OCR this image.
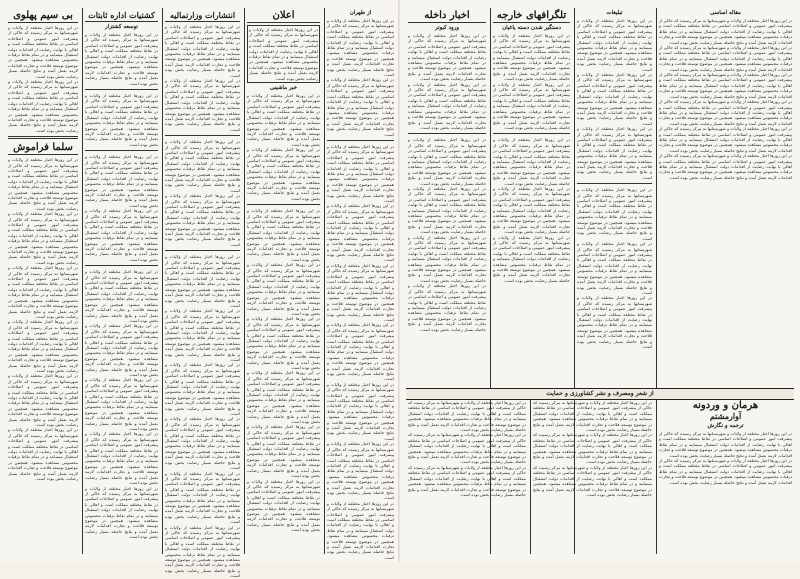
بی سیم پهلوی

در این روزها اخبار مختلفه از ولایات و شهرستانها به مرکز رسیده که حاکی از پیشرفت امور عمومی و اصلاحات اساسی در نقاط مختلفه مملکت است و اهالی با نهایت رضایت از اقدامات دولت استقبال مینمایند و در تمام نقاط ترقیات محسوس مشاهده میشود. همچنین در موضوع توسعه فلاحت و تجارت اقدامات لازمه بعمل آمده و نتایج حاصله بسیار رضایت بخش بوده است.

در این روزها اخبار مختلفه از ولایات و شهرستانها به مرکز رسیده که حاکی از پیشرفت امور عمومی و اصلاحات اساسی در نقاط مختلفه مملکت است و اهالی با نهایت رضایت از اقدامات دولت استقبال مینمایند و در تمام نقاط ترقیات محسوس مشاهده میشود. همچنین در موضوع توسعه فلاحت و تجارت اقدامات لازمه بعمل آمده و نتایج حاصله بسیار رضایت بخش بوده است.

سلما فراموش

در این روزها اخبار مختلفه از ولایات و شهرستانها به مرکز رسیده که حاکی از پیشرفت امور عمومی و اصلاحات اساسی در نقاط مختلفه مملکت است و اهالی با نهایت رضایت از اقدامات دولت استقبال مینمایند و در تمام نقاط ترقیات محسوس مشاهده میشود. همچنین در موضوع توسعه فلاحت و تجارت اقدامات لازمه بعمل آمده و نتایج حاصله بسیار رضایت بخش بوده است.

در این روزها اخبار مختلفه از ولایات و شهرستانها به مرکز رسیده که حاکی از پیشرفت امور عمومی و اصلاحات اساسی در نقاط مختلفه مملکت است و اهالی با نهایت رضایت از اقدامات دولت استقبال مینمایند و در تمام نقاط ترقیات محسوس مشاهده میشود. همچنین در موضوع توسعه فلاحت و تجارت اقدامات لازمه بعمل آمده و نتایج حاصله بسیار رضایت بخش بوده است.

در این روزها اخبار مختلفه از ولایات و شهرستانها به مرکز رسیده که حاکی از پیشرفت امور عمومی و اصلاحات اساسی در نقاط مختلفه مملکت است و اهالی با نهایت رضایت از اقدامات دولت استقبال مینمایند و در تمام نقاط ترقیات محسوس مشاهده میشود. همچنین در موضوع توسعه فلاحت و تجارت اقدامات لازمه بعمل آمده و نتایج حاصله بسیار رضایت بخش بوده است.

در این روزها اخبار مختلفه از ولایات و شهرستانها به مرکز رسیده که حاکی از پیشرفت امور عمومی و اصلاحات اساسی در نقاط مختلفه مملکت است و اهالی با نهایت رضایت از اقدامات دولت استقبال مینمایند و در تمام نقاط ترقیات محسوس مشاهده میشود. همچنین در موضوع توسعه فلاحت و تجارت اقدامات لازمه بعمل آمده و نتایج حاصله بسیار رضایت بخش بوده است.

در این روزها اخبار مختلفه از ولایات و شهرستانها به مرکز رسیده که حاکی از پیشرفت امور عمومی و اصلاحات اساسی در نقاط مختلفه مملکت است و اهالی با نهایت رضایت از اقدامات دولت استقبال مینمایند و در تمام نقاط ترقیات محسوس مشاهده میشود. همچنین در موضوع توسعه فلاحت و تجارت اقدامات لازمه بعمل آمده و نتایج حاصله بسیار رضایت بخش بوده است.

در این روزها اخبار مختلفه از ولایات و شهرستانها به مرکز رسیده که حاکی از پیشرفت امور عمومی و اصلاحات اساسی در نقاط مختلفه مملکت است و اهالی با نهایت رضایت از اقدامات دولت استقبال مینمایند و در تمام نقاط ترقیات محسوس مشاهده میشود. همچنین در موضوع توسعه فلاحت و تجارت اقدامات لازمه بعمل آمده و نتایج حاصله بسیار رضایت بخش بوده است.

کشتیات اداره ثابتات
توسعه کشتزار

در این روزها اخبار مختلفه از ولایات و شهرستانها به مرکز رسیده که حاکی از پیشرفت امور عمومی و اصلاحات اساسی در نقاط مختلفه مملکت است و اهالی با نهایت رضایت از اقدامات دولت استقبال مینمایند و در تمام نقاط ترقیات محسوس مشاهده میشود. همچنین در موضوع توسعه فلاحت و تجارت اقدامات لازمه بعمل آمده و نتایج حاصله بسیار رضایت بخش بوده است.

در این روزها اخبار مختلفه از ولایات و شهرستانها به مرکز رسیده که حاکی از پیشرفت امور عمومی و اصلاحات اساسی در نقاط مختلفه مملکت است و اهالی با نهایت رضایت از اقدامات دولت استقبال مینمایند و در تمام نقاط ترقیات محسوس مشاهده میشود. همچنین در موضوع توسعه فلاحت و تجارت اقدامات لازمه بعمل آمده و نتایج حاصله بسیار رضایت بخش بوده است.

در این روزها اخبار مختلفه از ولایات و شهرستانها به مرکز رسیده که حاکی از پیشرفت امور عمومی و اصلاحات اساسی در نقاط مختلفه مملکت است و اهالی با نهایت رضایت از اقدامات دولت استقبال مینمایند و در تمام نقاط ترقیات محسوس مشاهده میشود. همچنین در موضوع توسعه فلاحت و تجارت اقدامات لازمه بعمل آمده و نتایج حاصله بسیار رضایت بخش بوده است.

در این روزها اخبار مختلفه از ولایات و شهرستانها به مرکز رسیده که حاکی از پیشرفت امور عمومی و اصلاحات اساسی در نقاط مختلفه مملکت است و اهالی با نهایت رضایت از اقدامات دولت استقبال مینمایند و در تمام نقاط ترقیات محسوس مشاهده میشود. همچنین در موضوع توسعه فلاحت و تجارت اقدامات لازمه بعمل آمده و نتایج حاصله بسیار رضایت بخش بوده است.

در این روزها اخبار مختلفه از ولایات و شهرستانها به مرکز رسیده که حاکی از پیشرفت امور عمومی و اصلاحات اساسی در نقاط مختلفه مملکت است و اهالی با نهایت رضایت از اقدامات دولت استقبال مینمایند و در تمام نقاط ترقیات محسوس مشاهده میشود. همچنین در موضوع توسعه فلاحت و تجارت اقدامات لازمه بعمل آمده و نتایج حاصله بسیار رضایت بخش بوده است.

در این روزها اخبار مختلفه از ولایات و شهرستانها به مرکز رسیده که حاکی از پیشرفت امور عمومی و اصلاحات اساسی در نقاط مختلفه مملکت است و اهالی با نهایت رضایت از اقدامات دولت استقبال مینمایند و در تمام نقاط ترقیات محسوس مشاهده میشود. همچنین در موضوع توسعه فلاحت و تجارت اقدامات لازمه بعمل آمده و نتایج حاصله بسیار رضایت بخش بوده است.

در این روزها اخبار مختلفه از ولایات و شهرستانها به مرکز رسیده که حاکی از پیشرفت امور عمومی و اصلاحات اساسی در نقاط مختلفه مملکت است و اهالی با نهایت رضایت از اقدامات دولت استقبال مینمایند و در تمام نقاط ترقیات محسوس مشاهده میشود. همچنین در موضوع توسعه فلاحت و تجارت اقدامات لازمه بعمل آمده و نتایج حاصله بسیار رضایت بخش بوده است.

در این روزها اخبار مختلفه از ولایات و شهرستانها به مرکز رسیده که حاکی از پیشرفت امور عمومی و اصلاحات اساسی در نقاط مختلفه مملکت است و اهالی با نهایت رضایت از اقدامات دولت استقبال مینمایند و در تمام نقاط ترقیات محسوس مشاهده میشود. همچنین در موضوع توسعه فلاحت و تجارت اقدامات لازمه بعمل آمده و نتایج حاصله بسیار رضایت بخش بوده است.

در این روزها اخبار مختلفه از ولایات و شهرستانها به مرکز رسیده که حاکی از پیشرفت امور عمومی و اصلاحات اساسی در نقاط مختلفه مملکت است و اهالی با نهایت رضایت از اقدامات دولت استقبال مینمایند و در تمام نقاط ترقیات محسوس مشاهده میشود. همچنین در موضوع توسعه فلاحت و تجارت اقدامات لازمه بعمل آمده و نتایج حاصله بسیار رضایت بخش بوده است.

انتشارات وزارتمالیه

در این روزها اخبار مختلفه از ولایات و شهرستانها به مرکز رسیده که حاکی از پیشرفت امور عمومی و اصلاحات اساسی در نقاط مختلفه مملکت است و اهالی با نهایت رضایت از اقدامات دولت استقبال مینمایند و در تمام نقاط ترقیات محسوس مشاهده میشود. همچنین در موضوع توسعه فلاحت و تجارت اقدامات لازمه بعمل آمده و نتایج حاصله بسیار رضایت بخش بوده است.

در این روزها اخبار مختلفه از ولایات و شهرستانها به مرکز رسیده که حاکی از پیشرفت امور عمومی و اصلاحات اساسی در نقاط مختلفه مملکت است و اهالی با نهایت رضایت از اقدامات دولت استقبال مینمایند و در تمام نقاط ترقیات محسوس مشاهده میشود. همچنین در موضوع توسعه فلاحت و تجارت اقدامات لازمه بعمل آمده و نتایج حاصله بسیار رضایت بخش بوده است.

در این روزها اخبار مختلفه از ولایات و شهرستانها به مرکز رسیده که حاکی از پیشرفت امور عمومی و اصلاحات اساسی در نقاط مختلفه مملکت است و اهالی با نهایت رضایت از اقدامات دولت استقبال مینمایند و در تمام نقاط ترقیات محسوس مشاهده میشود. همچنین در موضوع توسعه فلاحت و تجارت اقدامات لازمه بعمل آمده و نتایج حاصله بسیار رضایت بخش بوده است.

در این روزها اخبار مختلفه از ولایات و شهرستانها به مرکز رسیده که حاکی از پیشرفت امور عمومی و اصلاحات اساسی در نقاط مختلفه مملکت است و اهالی با نهایت رضایت از اقدامات دولت استقبال مینمایند و در تمام نقاط ترقیات محسوس مشاهده میشود. همچنین در موضوع توسعه فلاحت و تجارت اقدامات لازمه بعمل آمده و نتایج حاصله بسیار رضایت بخش بوده است.

در این روزها اخبار مختلفه از ولایات و شهرستانها به مرکز رسیده که حاکی از پیشرفت امور عمومی و اصلاحات اساسی در نقاط مختلفه مملکت است و اهالی با نهایت رضایت از اقدامات دولت استقبال مینمایند و در تمام نقاط ترقیات محسوس مشاهده میشود. همچنین در موضوع توسعه فلاحت و تجارت اقدامات لازمه بعمل آمده و نتایج حاصله بسیار رضایت بخش بوده است.

در این روزها اخبار مختلفه از ولایات و شهرستانها به مرکز رسیده که حاکی از پیشرفت امور عمومی و اصلاحات اساسی در نقاط مختلفه مملکت است و اهالی با نهایت رضایت از اقدامات دولت استقبال مینمایند و در تمام نقاط ترقیات محسوس مشاهده میشود. همچنین در موضوع توسعه فلاحت و تجارت اقدامات لازمه بعمل آمده و نتایج حاصله بسیار رضایت بخش بوده است.

در این روزها اخبار مختلفه از ولایات و شهرستانها به مرکز رسیده که حاکی از پیشرفت امور عمومی و اصلاحات اساسی در نقاط مختلفه مملکت است و اهالی با نهایت رضایت از اقدامات دولت استقبال مینمایند و در تمام نقاط ترقیات محسوس مشاهده میشود. همچنین در موضوع توسعه فلاحت و تجارت اقدامات لازمه بعمل آمده و نتایج حاصله بسیار رضایت بخش بوده است.

در این روزها اخبار مختلفه از ولایات و شهرستانها به مرکز رسیده که حاکی از پیشرفت امور عمومی و اصلاحات اساسی در نقاط مختلفه مملکت است و اهالی با نهایت رضایت از اقدامات دولت استقبال مینمایند و در تمام نقاط ترقیات محسوس مشاهده میشود. همچنین در موضوع توسعه فلاحت و تجارت اقدامات لازمه بعمل آمده و نتایج حاصله بسیار رضایت بخش بوده است.

در این روزها اخبار مختلفه از ولایات و شهرستانها به مرکز رسیده که حاکی از پیشرفت امور عمومی و اصلاحات اساسی در نقاط مختلفه مملکت است و اهالی با نهایت رضایت از اقدامات دولت استقبال مینمایند و در تمام نقاط ترقیات محسوس مشاهده میشود. همچنین در موضوع توسعه فلاحت و تجارت اقدامات لازمه بعمل آمده و نتایج حاصله بسیار رضایت بخش بوده است.

در این روزها اخبار مختلفه از ولایات و شهرستانها به مرکز رسیده که حاکی از پیشرفت امور عمومی و اصلاحات اساسی در نقاط مختلفه مملکت است و اهالی با نهایت رضایت از اقدامات دولت استقبال مینمایند و در تمام نقاط ترقیات محسوس مشاهده میشود. همچنین در موضوع توسعه فلاحت و تجارت اقدامات لازمه بعمل آمده و نتایج حاصله بسیار رضایت بخش بوده است.

اعلان

در این روزها اخبار مختلفه از ولایات و شهرستانها به مرکز رسیده که حاکی از پیشرفت امور عمومی و اصلاحات اساسی در نقاط مختلفه مملکت است و اهالی با نهایت رضایت از اقدامات دولت استقبال مینمایند و در تمام نقاط ترقیات محسوس مشاهده میشود. همچنین در موضوع توسعه فلاحت و تجارت اقدامات لازمه بعمل آمده و نتایج حاصله بسیار رضایت بخش بوده است.

خبر ماشینی

در این روزها اخبار مختلفه از ولایات و شهرستانها به مرکز رسیده که حاکی از پیشرفت امور عمومی و اصلاحات اساسی در نقاط مختلفه مملکت است و اهالی با نهایت رضایت از اقدامات دولت استقبال مینمایند و در تمام نقاط ترقیات محسوس مشاهده میشود. همچنین در موضوع توسعه فلاحت و تجارت اقدامات لازمه بعمل آمده و نتایج حاصله بسیار رضایت بخش بوده است.

در این روزها اخبار مختلفه از ولایات و شهرستانها به مرکز رسیده که حاکی از پیشرفت امور عمومی و اصلاحات اساسی در نقاط مختلفه مملکت است و اهالی با نهایت رضایت از اقدامات دولت استقبال مینمایند و در تمام نقاط ترقیات محسوس مشاهده میشود. همچنین در موضوع توسعه فلاحت و تجارت اقدامات لازمه بعمل آمده و نتایج حاصله بسیار رضایت بخش بوده است.

در این روزها اخبار مختلفه از ولایات و شهرستانها به مرکز رسیده که حاکی از پیشرفت امور عمومی و اصلاحات اساسی در نقاط مختلفه مملکت است و اهالی با نهایت رضایت از اقدامات دولت استقبال مینمایند و در تمام نقاط ترقیات محسوس مشاهده میشود. همچنین در موضوع توسعه فلاحت و تجارت اقدامات لازمه بعمل آمده و نتایج حاصله بسیار رضایت بخش بوده است.

در این روزها اخبار مختلفه از ولایات و شهرستانها به مرکز رسیده که حاکی از پیشرفت امور عمومی و اصلاحات اساسی در نقاط مختلفه مملکت است و اهالی با نهایت رضایت از اقدامات دولت استقبال مینمایند و در تمام نقاط ترقیات محسوس مشاهده میشود. همچنین در موضوع توسعه فلاحت و تجارت اقدامات لازمه بعمل آمده و نتایج حاصله بسیار رضایت بخش بوده است.

در این روزها اخبار مختلفه از ولایات و شهرستانها به مرکز رسیده که حاکی از پیشرفت امور عمومی و اصلاحات اساسی در نقاط مختلفه مملکت است و اهالی با نهایت رضایت از اقدامات دولت استقبال مینمایند و در تمام نقاط ترقیات محسوس مشاهده میشود. همچنین در موضوع توسعه فلاحت و تجارت اقدامات لازمه بعمل آمده و نتایج حاصله بسیار رضایت بخش بوده است.

در این روزها اخبار مختلفه از ولایات و شهرستانها به مرکز رسیده که حاکی از پیشرفت امور عمومی و اصلاحات اساسی در نقاط مختلفه مملکت است و اهالی با نهایت رضایت از اقدامات دولت استقبال مینمایند و در تمام نقاط ترقیات محسوس مشاهده میشود. همچنین در موضوع توسعه فلاحت و تجارت اقدامات لازمه بعمل آمده و نتایج حاصله بسیار رضایت بخش بوده است.

در این روزها اخبار مختلفه از ولایات و شهرستانها به مرکز رسیده که حاکی از پیشرفت امور عمومی و اصلاحات اساسی در نقاط مختلفه مملکت است و اهالی با نهایت رضایت از اقدامات دولت استقبال مینمایند و در تمام نقاط ترقیات محسوس مشاهده میشود. همچنین در موضوع توسعه فلاحت و تجارت اقدامات لازمه بعمل آمده و نتایج حاصله بسیار رضایت بخش بوده است.

در این روزها اخبار مختلفه از ولایات و شهرستانها به مرکز رسیده که حاکی از پیشرفت امور عمومی و اصلاحات اساسی در نقاط مختلفه مملکت است و اهالی با نهایت رضایت از اقدامات دولت استقبال مینمایند و در تمام نقاط ترقیات محسوس مشاهده میشود. همچنین در موضوع توسعه فلاحت و تجارت اقدامات لازمه بعمل آمده و نتایج حاصله بسیار رضایت بخش بوده است.

از طهران

در این روزها اخبار مختلفه از ولایات و شهرستانها به مرکز رسیده که حاکی از پیشرفت امور عمومی و اصلاحات اساسی در نقاط مختلفه مملکت است و اهالی با نهایت رضایت از اقدامات دولت استقبال مینمایند و در تمام نقاط ترقیات محسوس مشاهده میشود. همچنین در موضوع توسعه فلاحت و تجارت اقدامات لازمه بعمل آمده و نتایج حاصله بسیار رضایت بخش بوده است.

در این روزها اخبار مختلفه از ولایات و شهرستانها به مرکز رسیده که حاکی از پیشرفت امور عمومی و اصلاحات اساسی در نقاط مختلفه مملکت است و اهالی با نهایت رضایت از اقدامات دولت استقبال مینمایند و در تمام نقاط ترقیات محسوس مشاهده میشود. همچنین در موضوع توسعه فلاحت و تجارت اقدامات لازمه بعمل آمده و نتایج حاصله بسیار رضایت بخش بوده است.

در این روزها اخبار مختلفه از ولایات و شهرستانها به مرکز رسیده که حاکی از پیشرفت امور عمومی و اصلاحات اساسی در نقاط مختلفه مملکت است و اهالی با نهایت رضایت از اقدامات دولت استقبال مینمایند و در تمام نقاط ترقیات محسوس مشاهده میشود. همچنین در موضوع توسعه فلاحت و تجارت اقدامات لازمه بعمل آمده و نتایج حاصله بسیار رضایت بخش بوده است.

در این روزها اخبار مختلفه از ولایات و شهرستانها به مرکز رسیده که حاکی از پیشرفت امور عمومی و اصلاحات اساسی در نقاط مختلفه مملکت است و اهالی با نهایت رضایت از اقدامات دولت استقبال مینمایند و در تمام نقاط ترقیات محسوس مشاهده میشود. همچنین در موضوع توسعه فلاحت و تجارت اقدامات لازمه بعمل آمده و نتایج حاصله بسیار رضایت بخش بوده است.

در این روزها اخبار مختلفه از ولایات و شهرستانها به مرکز رسیده که حاکی از پیشرفت امور عمومی و اصلاحات اساسی در نقاط مختلفه مملکت است و اهالی با نهایت رضایت از اقدامات دولت استقبال مینمایند و در تمام نقاط ترقیات محسوس مشاهده میشود. همچنین در موضوع توسعه فلاحت و تجارت اقدامات لازمه بعمل آمده و نتایج حاصله بسیار رضایت بخش بوده است.

در این روزها اخبار مختلفه از ولایات و شهرستانها به مرکز رسیده که حاکی از پیشرفت امور عمومی و اصلاحات اساسی در نقاط مختلفه مملکت است و اهالی با نهایت رضایت از اقدامات دولت استقبال مینمایند و در تمام نقاط ترقیات محسوس مشاهده میشود. همچنین در موضوع توسعه فلاحت و تجارت اقدامات لازمه بعمل آمده و نتایج حاصله بسیار رضایت بخش بوده است.

در این روزها اخبار مختلفه از ولایات و شهرستانها به مرکز رسیده که حاکی از پیشرفت امور عمومی و اصلاحات اساسی در نقاط مختلفه مملکت است و اهالی با نهایت رضایت از اقدامات دولت استقبال مینمایند و در تمام نقاط ترقیات محسوس مشاهده میشود. همچنین در موضوع توسعه فلاحت و تجارت اقدامات لازمه بعمل آمده و نتایج حاصله بسیار رضایت بخش بوده است.

در این روزها اخبار مختلفه از ولایات و شهرستانها به مرکز رسیده که حاکی از پیشرفت امور عمومی و اصلاحات اساسی در نقاط مختلفه مملکت است و اهالی با نهایت رضایت از اقدامات دولت استقبال مینمایند و در تمام نقاط ترقیات محسوس مشاهده میشود. همچنین در موضوع توسعه فلاحت و تجارت اقدامات لازمه بعمل آمده و نتایج حاصله بسیار رضایت بخش بوده است.

در این روزها اخبار مختلفه از ولایات و شهرستانها به مرکز رسیده که حاکی از پیشرفت امور عمومی و اصلاحات اساسی در نقاط مختلفه مملکت است و اهالی با نهایت رضایت از اقدامات دولت استقبال مینمایند و در تمام نقاط ترقیات محسوس مشاهده میشود. همچنین در موضوع توسعه فلاحت و تجارت اقدامات لازمه بعمل آمده و نتایج حاصله بسیار رضایت بخش بوده است.

اخبار داخله
ورود کبوتر

در این روزها اخبار مختلفه از ولایات و شهرستانها به مرکز رسیده که حاکی از پیشرفت امور عمومی و اصلاحات اساسی در نقاط مختلفه مملکت است و اهالی با نهایت رضایت از اقدامات دولت استقبال مینمایند و در تمام نقاط ترقیات محسوس مشاهده میشود. همچنین در موضوع توسعه فلاحت و تجارت اقدامات لازمه بعمل آمده و نتایج حاصله بسیار رضایت بخش بوده است.

در این روزها اخبار مختلفه از ولایات و شهرستانها به مرکز رسیده که حاکی از پیشرفت امور عمومی و اصلاحات اساسی در نقاط مختلفه مملکت است و اهالی با نهایت رضایت از اقدامات دولت استقبال مینمایند و در تمام نقاط ترقیات محسوس مشاهده میشود. همچنین در موضوع توسعه فلاحت و تجارت اقدامات لازمه بعمل آمده و نتایج حاصله بسیار رضایت بخش بوده است.

در این روزها اخبار مختلفه از ولایات و شهرستانها به مرکز رسیده که حاکی از پیشرفت امور عمومی و اصلاحات اساسی در نقاط مختلفه مملکت است و اهالی با نهایت رضایت از اقدامات دولت استقبال مینمایند و در تمام نقاط ترقیات محسوس مشاهده میشود. همچنین در موضوع توسعه فلاحت و تجارت اقدامات لازمه بعمل آمده و نتایج حاصله بسیار رضایت بخش بوده است.

در این روزها اخبار مختلفه از ولایات و شهرستانها به مرکز رسیده که حاکی از پیشرفت امور عمومی و اصلاحات اساسی در نقاط مختلفه مملکت است و اهالی با نهایت رضایت از اقدامات دولت استقبال مینمایند و در تمام نقاط ترقیات محسوس مشاهده میشود. همچنین در موضوع توسعه فلاحت و تجارت اقدامات لازمه بعمل آمده و نتایج حاصله بسیار رضایت بخش بوده است.

در این روزها اخبار مختلفه از ولایات و شهرستانها به مرکز رسیده که حاکی از پیشرفت امور عمومی و اصلاحات اساسی در نقاط مختلفه مملکت است و اهالی با نهایت رضایت از اقدامات دولت استقبال مینمایند و در تمام نقاط ترقیات محسوس مشاهده میشود. همچنین در موضوع توسعه فلاحت و تجارت اقدامات لازمه بعمل آمده و نتایج حاصله بسیار رضایت بخش بوده است.

در این روزها اخبار مختلفه از ولایات و شهرستانها به مرکز رسیده که حاکی از پیشرفت امور عمومی و اصلاحات اساسی در نقاط مختلفه مملکت است و اهالی با نهایت رضایت از اقدامات دولت استقبال مینمایند و در تمام نقاط ترقیات محسوس مشاهده میشود. همچنین در موضوع توسعه فلاحت و تجارت اقدامات لازمه بعمل آمده و نتایج حاصله بسیار رضایت بخش بوده است.

تلگرافهای خارجه
دستگیر شدن دسته یاغیان

در این روزها اخبار مختلفه از ولایات و شهرستانها به مرکز رسیده که حاکی از پیشرفت امور عمومی و اصلاحات اساسی در نقاط مختلفه مملکت است و اهالی با نهایت رضایت از اقدامات دولت استقبال مینمایند و در تمام نقاط ترقیات محسوس مشاهده میشود. همچنین در موضوع توسعه فلاحت و تجارت اقدامات لازمه بعمل آمده و نتایج حاصله بسیار رضایت بخش بوده است.

در این روزها اخبار مختلفه از ولایات و شهرستانها به مرکز رسیده که حاکی از پیشرفت امور عمومی و اصلاحات اساسی در نقاط مختلفه مملکت است و اهالی با نهایت رضایت از اقدامات دولت استقبال مینمایند و در تمام نقاط ترقیات محسوس مشاهده میشود. همچنین در موضوع توسعه فلاحت و تجارت اقدامات لازمه بعمل آمده و نتایج حاصله بسیار رضایت بخش بوده است.

در این روزها اخبار مختلفه از ولایات و شهرستانها به مرکز رسیده که حاکی از پیشرفت امور عمومی و اصلاحات اساسی در نقاط مختلفه مملکت است و اهالی با نهایت رضایت از اقدامات دولت استقبال مینمایند و در تمام نقاط ترقیات محسوس مشاهده میشود. همچنین در موضوع توسعه فلاحت و تجارت اقدامات لازمه بعمل آمده و نتایج حاصله بسیار رضایت بخش بوده است.

در این روزها اخبار مختلفه از ولایات و شهرستانها به مرکز رسیده که حاکی از پیشرفت امور عمومی و اصلاحات اساسی در نقاط مختلفه مملکت است و اهالی با نهایت رضایت از اقدامات دولت استقبال مینمایند و در تمام نقاط ترقیات محسوس مشاهده میشود. همچنین در موضوع توسعه فلاحت و تجارت اقدامات لازمه بعمل آمده و نتایج حاصله بسیار رضایت بخش بوده است.

در این روزها اخبار مختلفه از ولایات و شهرستانها به مرکز رسیده که حاکی از پیشرفت امور عمومی و اصلاحات اساسی در نقاط مختلفه مملکت است و اهالی با نهایت رضایت از اقدامات دولت استقبال مینمایند و در تمام نقاط ترقیات محسوس مشاهده میشود. همچنین در موضوع توسعه فلاحت و تجارت اقدامات لازمه بعمل آمده و نتایج حاصله بسیار رضایت بخش بوده است.

تبلیغات

در این روزها اخبار مختلفه از ولایات و شهرستانها به مرکز رسیده که حاکی از پیشرفت امور عمومی و اصلاحات اساسی در نقاط مختلفه مملکت است و اهالی با نهایت رضایت از اقدامات دولت استقبال مینمایند و در تمام نقاط ترقیات محسوس مشاهده میشود. همچنین در موضوع توسعه فلاحت و تجارت اقدامات لازمه بعمل آمده و نتایج حاصله بسیار رضایت بخش بوده است.

در این روزها اخبار مختلفه از ولایات و شهرستانها به مرکز رسیده که حاکی از پیشرفت امور عمومی و اصلاحات اساسی در نقاط مختلفه مملکت است و اهالی با نهایت رضایت از اقدامات دولت استقبال مینمایند و در تمام نقاط ترقیات محسوس مشاهده میشود. همچنین در موضوع توسعه فلاحت و تجارت اقدامات لازمه بعمل آمده و نتایج حاصله بسیار رضایت بخش بوده است.

در این روزها اخبار مختلفه از ولایات و شهرستانها به مرکز رسیده که حاکی از پیشرفت امور عمومی و اصلاحات اساسی در نقاط مختلفه مملکت است و اهالی با نهایت رضایت از اقدامات دولت استقبال مینمایند و در تمام نقاط ترقیات محسوس مشاهده میشود. همچنین در موضوع توسعه فلاحت و تجارت اقدامات لازمه بعمل آمده و نتایج حاصله بسیار رضایت بخش بوده است.

در این روزها اخبار مختلفه از ولایات و شهرستانها به مرکز رسیده که حاکی از پیشرفت امور عمومی و اصلاحات اساسی در نقاط مختلفه مملکت است و اهالی با نهایت رضایت از اقدامات دولت استقبال مینمایند و در تمام نقاط ترقیات محسوس مشاهده میشود. همچنین در موضوع توسعه فلاحت و تجارت اقدامات لازمه بعمل آمده و نتایج حاصله بسیار رضایت بخش بوده است.

در این روزها اخبار مختلفه از ولایات و شهرستانها به مرکز رسیده که حاکی از پیشرفت امور عمومی و اصلاحات اساسی در نقاط مختلفه مملکت است و اهالی با نهایت رضایت از اقدامات دولت استقبال مینمایند و در تمام نقاط ترقیات محسوس مشاهده میشود. همچنین در موضوع توسعه فلاحت و تجارت اقدامات لازمه بعمل آمده و نتایج حاصله بسیار رضایت بخش بوده است.

در این روزها اخبار مختلفه از ولایات و شهرستانها به مرکز رسیده که حاکی از پیشرفت امور عمومی و اصلاحات اساسی در نقاط مختلفه مملکت است و اهالی با نهایت رضایت از اقدامات دولت استقبال مینمایند و در تمام نقاط ترقیات محسوس مشاهده میشود. همچنین در موضوع توسعه فلاحت و تجارت اقدامات لازمه بعمل آمده و نتایج حاصله بسیار رضایت بخش بوده است.

مقاله اساسی

در این روزها اخبار مختلفه از ولایات و شهرستانها به مرکز رسیده که حاکی از پیشرفت امور عمومی و اصلاحات اساسی در نقاط مختلفه مملکت است و اهالی با نهایت رضایت از اقدامات دولت استقبال مینمایند و در تمام نقاط ترقیات محسوس مشاهده میشود. همچنین در موضوع توسعه فلاحت و تجارت اقدامات لازمه بعمل آمده و نتایج حاصله بسیار رضایت بخش بوده است.

در این روزها اخبار مختلفه از ولایات و شهرستانها به مرکز رسیده که حاکی از پیشرفت امور عمومی و اصلاحات اساسی در نقاط مختلفه مملکت است و اهالی با نهایت رضایت از اقدامات دولت استقبال مینمایند و در تمام نقاط ترقیات محسوس مشاهده میشود. همچنین در موضوع توسعه فلاحت و تجارت اقدامات لازمه بعمل آمده و نتایج حاصله بسیار رضایت بخش بوده است.

در این روزها اخبار مختلفه از ولایات و شهرستانها به مرکز رسیده که حاکی از پیشرفت امور عمومی و اصلاحات اساسی در نقاط مختلفه مملکت است و اهالی با نهایت رضایت از اقدامات دولت استقبال مینمایند و در تمام نقاط ترقیات محسوس مشاهده میشود. همچنین در موضوع توسعه فلاحت و تجارت اقدامات لازمه بعمل آمده و نتایج حاصله بسیار رضایت بخش بوده است.

در این روزها اخبار مختلفه از ولایات و شهرستانها به مرکز رسیده که حاکی از پیشرفت امور عمومی و اصلاحات اساسی در نقاط مختلفه مملکت است و اهالی با نهایت رضایت از اقدامات دولت استقبال مینمایند و در تمام نقاط ترقیات محسوس مشاهده میشود. همچنین در موضوع توسعه فلاحت و تجارت اقدامات لازمه بعمل آمده و نتایج حاصله بسیار رضایت بخش بوده است.

در این روزها اخبار مختلفه از ولایات و شهرستانها به مرکز رسیده که حاکی از پیشرفت امور عمومی و اصلاحات اساسی در نقاط مختلفه مملکت است و اهالی با نهایت رضایت از اقدامات دولت استقبال مینمایند و در تمام نقاط ترقیات محسوس مشاهده میشود. همچنین در موضوع توسعه فلاحت و تجارت اقدامات لازمه بعمل آمده و نتایج حاصله بسیار رضایت بخش بوده است.

در این روزها اخبار مختلفه از ولایات و شهرستانها به مرکز رسیده که حاکی از پیشرفت امور عمومی و اصلاحات اساسی در نقاط مختلفه مملکت است و اهالی با نهایت رضایت از اقدامات دولت استقبال مینمایند و در تمام نقاط ترقیات محسوس مشاهده میشود. همچنین در موضوع توسعه فلاحت و تجارت اقدامات لازمه بعمل آمده و نتایج حاصله بسیار رضایت بخش بوده است.

از شعر ومصرف و نشر کشاورزی و حمایت
هرمان و وردونه
آوارمشتم
ترجمه و نگارش

در این روزها اخبار مختلفه از ولایات و شهرستانها به مرکز رسیده که حاکی از پیشرفت امور عمومی و اصلاحات اساسی در نقاط مختلفه مملکت است و اهالی با نهایت رضایت از اقدامات دولت استقبال مینمایند و در تمام نقاط ترقیات محسوس مشاهده میشود. همچنین در موضوع توسعه فلاحت و تجارت اقدامات لازمه بعمل آمده و نتایج حاصله بسیار رضایت بخش بوده است.

در این روزها اخبار مختلفه از ولایات و شهرستانها به مرکز رسیده که حاکی از پیشرفت امور عمومی و اصلاحات اساسی در نقاط مختلفه مملکت است و اهالی با نهایت رضایت از اقدامات دولت استقبال مینمایند و در تمام نقاط ترقیات محسوس مشاهده میشود. همچنین در موضوع توسعه فلاحت و تجارت اقدامات لازمه بعمل آمده و نتایج حاصله بسیار رضایت بخش بوده است.

در این روزها اخبار مختلفه از ولایات و شهرستانها به مرکز رسیده که حاکی از پیشرفت امور عمومی و اصلاحات اساسی در نقاط مختلفه مملکت است و اهالی با نهایت رضایت از اقدامات دولت استقبال مینمایند و در تمام نقاط ترقیات محسوس مشاهده میشود. همچنین در موضوع توسعه فلاحت و تجارت اقدامات لازمه بعمل آمده و نتایج حاصله بسیار رضایت بخش بوده است.

در این روزها اخبار مختلفه از ولایات و شهرستانها به مرکز رسیده که حاکی از پیشرفت امور عمومی و اصلاحات اساسی در نقاط مختلفه مملکت است و اهالی با نهایت رضایت از اقدامات دولت استقبال مینمایند و در تمام نقاط ترقیات محسوس مشاهده میشود. همچنین در موضوع توسعه فلاحت و تجارت اقدامات لازمه بعمل آمده و نتایج حاصله بسیار رضایت بخش بوده است.

در این روزها اخبار مختلفه از ولایات و شهرستانها به مرکز رسیده که حاکی از پیشرفت امور عمومی و اصلاحات اساسی در نقاط مختلفه مملکت است و اهالی با نهایت رضایت از اقدامات دولت استقبال مینمایند و در تمام نقاط ترقیات محسوس مشاهده میشود. همچنین در موضوع توسعه فلاحت و تجارت اقدامات لازمه بعمل آمده و نتایج حاصله بسیار رضایت بخش بوده است.

در این روزها اخبار مختلفه از ولایات و شهرستانها به مرکز رسیده که حاکی از پیشرفت امور عمومی و اصلاحات اساسی در نقاط مختلفه مملکت است و اهالی با نهایت رضایت از اقدامات دولت استقبال مینمایند و در تمام نقاط ترقیات محسوس مشاهده میشود. همچنین در موضوع توسعه فلاحت و تجارت اقدامات لازمه بعمل آمده و نتایج حاصله بسیار رضایت بخش بوده است.

در این روزها اخبار مختلفه از ولایات و شهرستانها به مرکز رسیده که حاکی از پیشرفت امور عمومی و اصلاحات اساسی در نقاط مختلفه مملکت است و اهالی با نهایت رضایت از اقدامات دولت استقبال مینمایند و در تمام نقاط ترقیات محسوس مشاهده میشود. همچنین در موضوع توسعه فلاحت و تجارت اقدامات لازمه بعمل آمده و نتایج حاصله بسیار رضایت بخش بوده است.

در این روزها اخبار مختلفه از ولایات و شهرستانها به مرکز رسیده که حاکی از پیشرفت امور عمومی و اصلاحات اساسی در نقاط مختلفه مملکت است و اهالی با نهایت رضایت از اقدامات دولت استقبال مینمایند و در تمام نقاط ترقیات محسوس مشاهده میشود. همچنین در موضوع توسعه فلاحت و تجارت اقدامات لازمه بعمل آمده و نتایج حاصله بسیار رضایت بخش بوده است.
